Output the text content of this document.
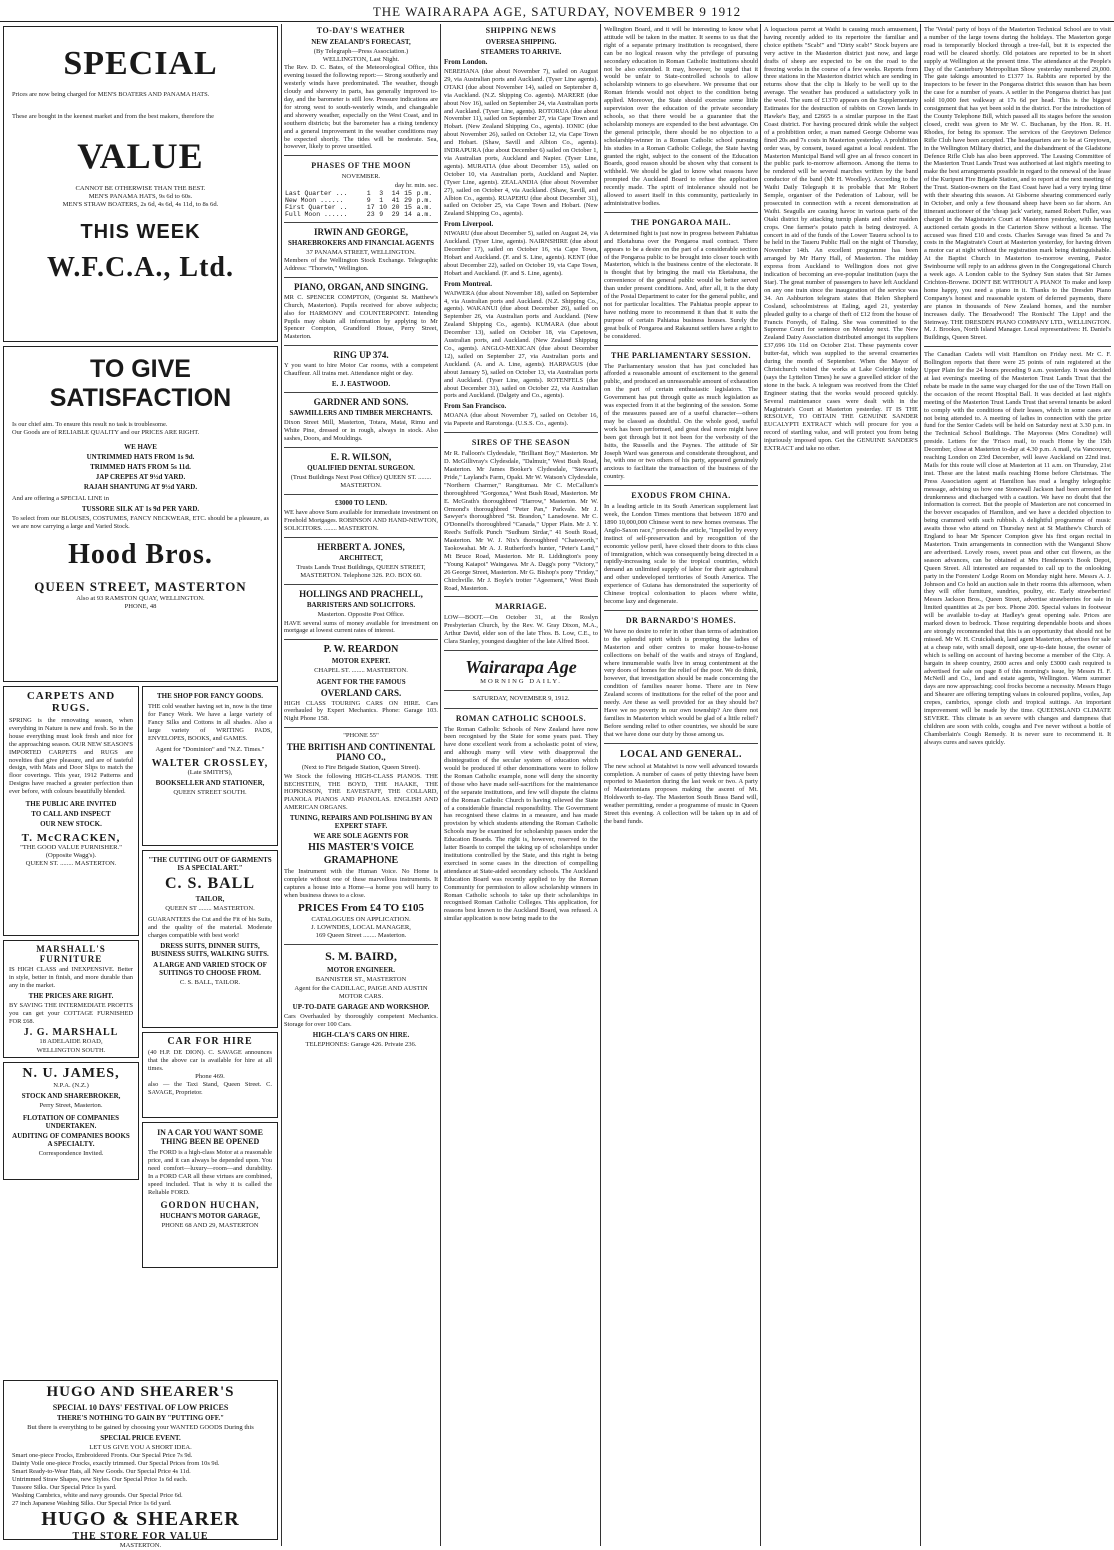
THE WAIRARAPA AGE, SATURDAY, NOVEMBER 9 1912
SPECIAL
Prices are now being charged for MEN'S BOATERS AND PANAMA HATS.
These are bought in the keenest market and from the best makers, therefore the
VALUE
CANNOT BE OTHERWISE THAN THE BEST.
MEN'S PANAMA HATS, 9s 6d to 60s.
MEN'S STRAW BOATERS, 2s 6d, 4s 6d, 4s 11d, to 8s 6d.
THIS WEEK
W.F.C.A., Ltd.
TO GIVE SATISFACTION
Is our chief aim. To ensure this result no task is troublesome.
Our Goods are of RELIABLE QUALITY and our PRICES ARE RIGHT.
WE HAVE
UNTRIMMED HATS FROM 1s 9d.
TRIMMED HATS FROM 5s 11d.
JAP CREPES AT 9½d YARD.
RAJAH SHANTUNG AT 9½d YARD.
And are offering a SPECIAL LINE in
TUSSORE SILK AT 1s 9d PER YARD.
To select from our BLOUSES, COSTUMES, FANCY NECKWEAR, ETC. should be a pleasure, as we are now carrying a large and Varied Stock.
Hood Bros.
QUEEN STREET, MASTERTON
Also at 93 RAMSTON QUAY, WELLINGTON.
PHONE, 48
CARPETS AND RUGS.
SPRING is the renovating season, when everything in Nature is new and fresh. So in the house everything must look fresh and nice for the approaching season. OUR NEW SEASON'S IMPORTED CARPETS and RUGS are novelties that give pleasure, and are of tasteful design, with Mats and Door Slips to match the floor coverings. This year, 1912 Patterns and Designs have reached a greater perfection than ever before, with colours beautifully blended.
THE PUBLIC ARE INVITED
TO CALL AND INSPECT
OUR NEW STOCK.
T. McCRACKEN,
"THE GOOD VALUE FURNISHER."
(Opposite Wagg's).
QUEEN ST. ........ MASTERTON.
MARSHALL'S FURNITURE
IS HIGH CLASS and INEXPENSIVE. Better in style, better in finish, and more durable than any in the market.
THE PRICES ARE RIGHT.
BY SAVING THE INTERMEDIATE PROFITS you can get your COTTAGE FURNISHED FOR £68.
J. G. MARSHALL
18 ADELAIDE ROAD,
WELLINGTON SOUTH.
N. U. JAMES,
N.P.A. (N.Z.)
STOCK AND SHAREBROKER,
Perry Street, Masterton.
FLOTATION OF COMPANIES UNDERTAKEN.
AUDITING OF COMPANIES BOOKS A SPECIALTY.
Correspondence Invited.
THE SHOP FOR FANCY GOODS.
THE cold weather having set in, now is the time for Fancy Work. We have a large variety of Fancy Silks and Cottons in all shades. Also a large variety of WRITING PADS, ENVELOPES, BOOKS, and GAMES.
Agent for "Dominion" and "N.Z. Times."
WALTER CROSSLEY,
(Late SMITH'S),
BOOKSELLER AND STATIONER,
QUEEN STREET SOUTH.
"THE CUTTING OUT OF GARMENTS IS A SPECIAL ART."
C. S. BALL
TAILOR,
QUEEN ST ........ MASTERTON.
GUARANTEES the Cut and the Fit of his Suits, and the quality of the material. Moderate charges compatible with best work!
DRESS SUITS, DINNER SUITS, BUSINESS SUITS, WALKING SUITS.
A LARGE AND VARIED STOCK OF SUITINGS TO CHOOSE FROM.
C. S. BALL, TAILOR.
CAR FOR HIRE
(40 H.P. DE DION). C. SAVAGE announces that the above car is available for hire at all times.
Phone 469.
also — the Taxi Stand, Queen Street. C. SAVAGE, Proprietor.
IN A CAR YOU WANT SOME THING BEEN BE OPENED
The FORD is a high-class Motor at a reasonable price, and it can always be depended upon. You need comfort—luxury—room—and durability. In a FORD CAR all these virtues are combined, speed included. That is why it is called the Reliable FORD.
GORDON HUCHAN,
HUCHAN'S MOTOR GARAGE,
PHONE 68 AND 29, MASTERTON
HUGO AND SHEARER'S
SPECIAL 10 DAYS' FESTIVAL OF LOW PRICES
THERE'S NOTHING TO GAIN BY "PUTTING OFF."
But there is everything to be gained by choosing your WANTED GOODS During this
SPECIAL PRICE EVENT.
LET US GIVE YOU A SHORT IDEA.
Smart one-piece Frocks, Embroidered Fronts. Our Special Price 7s 9d.
Dainty Voile one-piece Frocks, exactly trimmed. Our Special Prices from 10s 9d.
Smart Ready-to-Wear Hats, all New Goods. Our Special Price 4s 11d.
Untrimmed Straw Shapes, new Styles. Our Special Price 1s 6d each.
Tussore Silks. Our Special Price 1s yard.
Washing Cambrics, white and navy grounds. Our Special Price 6d.
27 inch Japanese Washing Silks. Our Special Price 1s 6d yard.
HUGO & SHEARER
THE STORE FOR VALUE
MASTERTON.
TO-DAY'S WEATHER
NEW ZEALAND'S FORECAST,
(By Telegraph—Press Association.)
WELLINGTON, Last Night.
The Rev. D. C. Bates, of the Meteorological Office, this evening issued the following report:— Strong southerly and westerly winds have predominated. The weather, though cloudy and showery in parts, has generally improved to-day, and the barometer is still low. Pressure indications are for strong west to south-westerly winds, and changeable and showery weather, especially on the West Coast, and in southern districts; but the barometer has a rising tendency and a general improvement in the weather conditions may be expected shortly. The tides will be moderate. Sea, however, likely to prove unsettled.
PHASES OF THE MOON
NOVEMBER.
day hr. min. sec.
Last Quarter ...	1	3	14	15	p.m.
New Moon ......	9	1	41	29	p.m.
First Quarter ..	17	10	20	15	a.m.
Full Moon ......	23	9	29	14	a.m.
IRWIN AND GEORGE,
SHAREBROKERS AND FINANCIAL AGENTS
37 PANAMA STREET, WELLINGTON.
Members of the Wellington Stock Exchange. Telegraphic Address: "Thorwin," Wellington.
PIANO, ORGAN, AND SINGING.
MR C. SPENCER COMPTON, (Organist St. Matthew's Church, Masterton). Pupils received for above subjects; also for HARMONY and COUNTERPOINT. Intending Pupils may obtain all information by applying to Mr Spencer Compton, Grandford House, Perry Street, Masterton.
RING UP 374.
Y you want to hire Motor Car rooms, with a competent Chauffeur. All trains met. Attendance night or day.
E. J. EASTWOOD.
GARDNER AND SONS.
SAWMILLERS AND TIMBER MERCHANTS.
Dixon Street Mill, Masterton, Totara, Matai, Rimu and White Pine, dressed or in rough, always in stock. Also sashes, Doors, and Mouldings.
E. R. WILSON,
QUALIFIED DENTAL SURGEON.
(Trust Buildings Next Post Office) QUEEN ST. ........ MASTERTON.
£3000 TO LEND.
WE have above Sum available for immediate investment on Freehold Mortgages. ROBINSON AND HAND-NEWTON, SOLICITORS. ........ MASTERTON.
HERBERT A. JONES,
ARCHITECT,
Trusts Lands Trust Buildings, QUEEN STREET, MASTERTON. Telephone 326. P.O. BOX 60.
HOLLINGS AND PRACHELL,
BARRISTERS AND SOLICITORS.
Masterton. Opposite Post Office.
HAVE several sums of money available for investment on mortgage at lowest current rates of interest.
P. W. REARDON
MOTOR EXPERT.
CHAPEL ST. ........ MASTERTON.
AGENT FOR THE FAMOUS
OVERLAND CARS.
HIGH CLASS TOURING CARS ON HIRE. Cars overhauled by Expert Mechanics. Phone: Garage 103. Night Phone 158.
"PHONE 55"
THE BRITISH AND CONTINENTAL PIANO CO.,
(Next to Fire Brigade Station, Queen Street).
We Stock the following HIGH-CLASS PIANOS. THE BECHSTEIN, THE BOYD, THE HAAKE, THE HOPKINSON, THE EAVESTAFF, THE COLLARD, PIANOLA PIANOS AND PIANOLAS. ENGLISH AND AMERICAN ORGANS.
TUNING, REPAIRS AND POLISHING BY AN EXPERT STAFF.
WE ARE SOLE AGENTS FOR
HIS MASTER'S VOICE
GRAMAPHONE
The Instrument with the Human Voice. No Home is complete without one of these marvellous instruments. It captures a house into a Home—a home you will hurry to when business draws to a close.
PRICES From £4 TO £105
CATALOGUES ON APPLICATION.
J. LOWNDES, LOCAL MANAGER,
169 Queen Street ........ Masterton.
S. M. BAIRD,
MOTOR ENGINEER.
BANNISTER ST., MASTERTON
Agent for the CADILLAC, PAIGE AND AUSTIN MOTOR CARS.
UP-TO-DATE GARAGE AND WORKSHOP.
Cars Overhauled by thoroughly competent Mechanics. Storage for over 100 Cars.
HIGH-CLA'S CARS ON HIRE.
TELEPHONES: Garage 426. Private 236.
SHIPPING NEWS
OVERSEA SHIPPING.
STEAMERS TO ARRIVE.
From London.
NEREHANA (due about November 7), sailed on August 29, via Australian ports and Auckland. (Tyser Line agents). OTAKI (due about November 14), sailed on September 8, via Auckland. (N.Z. Shipping Co. agents). MARERE (due about Nov 16), sailed on September 24, via Australian ports and Auckland. (Tyser Line, agents). ROTORUA (due about November 11), sailed on September 27, via Cape Town and Hobart. (New Zealand Shipping Co., agents). IONIC (due about November 26), sailed on October 12, via Cape Town and Hobart. (Shaw, Savill and Albion Co., agents). INDRAPURA (due about December 6) sailed on October 1, via Australian ports, Auckland and Napier. (Tyser Line, agents). MURATIA (due about December 15), sailed on October 10, via Australian ports, Auckland and Napier. (Tyser Line, agents). ZEALANDIA (due about November 27), sailed on October 4, via Auckland. (Shaw, Savill, and Albion Co., agents). RUAPEHU (due about December 31), sailed on October 25, via Cape Town and Hobart. (New Zealand Shipping Co., agents).
From Liverpool.
NIWARU (due about December 5), sailed on August 24, via Auckland. (Tyser Line, agents). NAIRNSHIRE (due about December 17), sailed on October 16, via Cape Town, Hobart and Auckland. (F. and S. Line, agents). KENT (due about December 22), sailed on October 19, via Cape Town, Hobart and Auckland. (F. and S. Line, agents).
From Montreal.
WAIWERA (due about November 18), sailed on September 4, via Australian ports and Auckland. (N.Z. Shipping Co., agents). WAKANUI (due about December 26), sailed on September 26, via Australian ports and Auckland. (New Zealand Shipping Co., agents). KUMARA (due about December 13), sailed on October 18, via Capetown, Australian ports, and Auckland. (New Zealand Shipping Co., agents). ANGLO-MEXICAN (due about December 12), sailed on September 27, via Australian ports and Auckland. (A. and A. Line, agents). HARPAGUS (due about January 5), sailed on October 13, via Australian ports and Auckland. (Tyser Line, agents). ROTENFELS (due about December 31), sailed on October 22, via Australian ports and Auckland. (Dalgety and Co., agents).
From San Francisco.
MOANA (due about November 7), sailed on October 16, via Papeete and Rarotonga. (U.S.S. Co., agents).
SIRES OF THE SEASON
Mr R. Falloon's Clydesdale, "Brilliant Boy," Masterton. Mr D. McGillivray's Clydesdale, "Dalmuir," West Bush Road, Masterton. Mr James Booker's Clydesdale, "Stewart's Pride," Layland's Farm, Opaki. Mr W. Watson's Clydesdale, "Northern Charmer," Rangitumau. Mr C. McCallum's thoroughbred "Gorgonza," West Bush Road, Masterton. Mr E. McGrath's thoroughbred "Harrow," Masterton. Mr W. Ormond's thoroughbred "Peter Pan," Parkvale. Mr J. Sawyer's thoroughbred "St. Brandon," Lansdowne. Mr C. O'Donnell's thoroughbred "Canada," Upper Plain. Mr J. Y. Reed's Suffolk Punch "Sudhum Sirdar," 41 South Road, Masterton. Mr W. J. Nix's thoroughbred "Chatsworth," Taokowahai. Mr A. J. Rutherford's hunter, "Peter's Land," Mt Bruce Road, Masterton. Mr R. Liddington's pony "Young Kaiapoi" Waingawa. Mr A. Dagg's pony "Victory," 26 George Street, Masterton. Mr G. Bishop's pony "Friday," Chirchville. Mr J. Boyle's trotter "Ageement," West Bush Road, Masterton.
MARRIAGE.
LOW—BOOT.—On October 31, at the Roslyn Presbyterian Church, by the Rev. W. Gray Dixon, M.A., Arthur David, elder son of the late Thos. B. Low, C.E., to Clara Stanley, youngest daughter of the late Alfred Boot.
Wairarapa Age
MORNING DAILY.
SATURDAY, NOVEMBER 9, 1912.
ROMAN CATHOLIC SCHOOLS.
The Roman Catholic Schools of New Zealand have now been recognised by the State for some years past. They have done excellent work from a scholastic point of view, and although many will view with disapproval the disintegration of the secular system of education which would be produced if other denominations were to follow the Roman Catholic example, none will deny the sincerity of those who have made self-sacrifices for the maintenance of the separate institutions, and few will dispute the claims of the Roman Catholic Church to having relieved the State of a considerable financial responsibility. The Government has recognised these claims in a measure, and has made provision by which students attending the Roman Catholic Schools may be examined for scholarship passes under the Education Boards. The right is, however, reserved to the latter Boards to compel the taking up of scholarships under institutions controlled by the State, and this right is being exercised in some cases in the direction of compelling attendance at State-aided secondary schools. The Auckland Education Board was recently applied to by the Roman Community for permission to allow scholarship winners in Roman Catholic schools to take up their scholarships in recognised Roman Catholic Colleges. This application, for reasons best known to the Auckland Board, was refused. A similar application is now being made to the
Wellington Board, and it will be interesting to know what attitude will be taken in the matter. It seems to us that the right of a separate primary institution is recognised, there can be no logical reason why the privilege of pursuing secondary education in Roman Catholic institutions should not be also extended. It may, however, be urged that it would be unfair to State-controlled schools to allow scholarship winners to go elsewhere. We presume that our Roman friends would not object to the condition being applied. Moreover, the State should exercise some little supervision over the education of the private secondary schools, so that there would be a guarantee that the scholarship moneys are expended to the best advantage. On the general principle, there should be no objection to a scholarship-winner in a Roman Catholic school pursuing his studies in a Roman Catholic College, the State having granted the right, subject to the consent of the Education Boards, good reason should be shown why that consent is withheld. We should be glad to know what reasons have prompted the Auckland Board to refuse the application recently made. The spirit of intolerance should not be allowed to assert itself in this community, particularly in administrative bodies.
THE PONGAROA MAIL.
A determined fight is just now in progress between Pahiatua and Eketahuna over the Pongaroa mail contract. There appears to be a desire on the part of a considerable section of the Pongaroa public to be brought into closer touch with Masterton, which is the business centre of the electorate. It is thought that by bringing the mail via Eketahuna, the convenience of the general public would be better served than under present conditions. And, after all, it is the duty of the Postal Department to cater for the general public, and not for particular localities. The Pahiatua people appear to have nothing more to recommend it than that it suits the purpose of certain Pahiatua business houses. Surely the great bulk of Pongaroa and Rakaunui settlers have a right to be considered.
THE PARLIAMENTARY SESSION.
The Parliamentary session that has just concluded has afforded a reasonable amount of excitement to the general public, and produced an unreasonable amount of exhaustion on the part of certain enthusiastic legislators. The Government has put through quite as much legislation as was expected from it at the beginning of the session. Some of the measures passed are of a useful character—others may be classed as doubtful. On the whole good, useful work has been performed, and great deal more might have been got through but it not been for the verbosity of the Isitts, the Russells and the Paynes. The attitude of Sir Joseph Ward was generous and considerate throughout, and he, with one or two others of his party, appeared genuinely anxious to facilitate the transaction of the business of the country.
EXODUS FROM CHINA.
In a leading article in its South American supplement last week, the London Times mentions that between 1870 and 1890 10,000,000 Chinese went to new homes overseas. The Anglo-Saxon race," proceeds the article, "impelled by every instinct of self-preservation and by recognition of the economic yellow peril, have closed their doors to this class of immigration, which was consequently being directed in a rapidly-increasing scale to the tropical countries, which demand an unlimited supply of labor for their agricultural and other undeveloped territories of South America. The experience of Guiana has demonstrated the superiority of Chinese tropical colonisation to places where white, become lazy and degenerate.
DR BARNARDO'S HOMES.
We have no desire to refer in other than terms of admiration to the splendid spirit which is prompting the ladies of Masterton and other centres to make house-to-house collections on behalf of the waifs and strays of England, where innumerable waifs live in smug contentment at the very doors of homes for the relief of the poor. We do think, however, that investigation should be made concerning the condition of families nearer home. There are in New Zealand scores of institutions for the relief of the poor and needy. Are these as well provided for as they should be? Have we no poverty in our own township? Are there not families in Masterton which would be glad of a little relief? Before sending relief to other countries, we should be sure that we have done our duty by those among us.
LOCAL AND GENERAL.
The new school at Matahiwi is now well advanced towards completion. A number of cases of petty thieving have been reported to Masterton during the last week or two. A party of Mastertonians proposes making the ascent of Mt. Holdsworth to-day. The Masterton South Brass Band will, weather permitting, render a programme of music in Queen Street this evening. A collection will be taken up in aid of the band funds.
A loquacious parrot at Waihi is causing much amusement, having recently added to its repertoire the familiar and choice epithets "Scab!" and "Dirty scab!" Stock buyers are very active in the Masterton district just now, and large drafts of sheep are expected to be on the road to the freezing works in the course of a few weeks. Reports from three stations in the Masterton district which are sending in returns show that the clip is likely to be well up to the average. The weather has produced a satisfactory yolk in the wool. The sum of £1370 appears on the Supplementary Estimates for the destruction of rabbits on Crown lands in Hawke's Bay, and £2665 is a similar purpose in the East Coast district. For having procured drink while the subject of a prohibition order, a man named George Osborne was fined 20s and 7s costs in Masterton yesterday. A prohibition order was, by consent, issued against a local resident. The Masterton Municipal Band will give an al fresco concert in the public park to-morrow afternoon. Among the items to be rendered will be several marches written by the band conductor of the band (Mr H. Woodley). According to the Waihi Daily Telegraph it is probable that Mr Robert Semple, organiser of the Federation of Labour, will be prosecuted in connection with a recent demonstration at Waihi. Seagulls are causing havoc in various parts of the Otaki district by attacking turnip plants and other maiden crops. One farmer's potato patch is being destroyed. A concert in aid of the funds of the Lower Taueru school is to be held in the Taueru Public Hall on the night of Thursday, November 14th. An excellent programme has been arranged by Mr Harry Hall, of Masterton. The midday express from Auckland to Wellington does not give indication of becoming an eve-popular institution (says the Star). The great number of passengers to have left Auckland on any one train since the inauguration of the service was 34. An Ashburton telegram states that Helen Shepherd Cosland, schoolmistress at Ealing, aged 21, yesterday pleaded guilty to a charge of theft of £12 from the house of Francis Forsyth, of Ealing. She was committed to the Supreme Court for sentence on Monday next. The New Zealand Dairy Association distributed amongst its suppliers £37,696 10s 11d on October 21st. These payments cover butter-fat, which was supplied to the several creameries during the month of September. When the Mayor of Christchurch visited the works at Lake Coleridge today (says the Lyttelton Times) he saw a gravelled sticker of the stone in the back. A telegram was received from the Chief Engineer stating that the works would proceed quickly. Several maintenance cases were dealt with in the Magistrate's Court at Masterton yesterday. IT IS THE RESOLVE, TO OBTAIN THE GENUINE SANDER EUCALYPTI EXTRACT which will procure for you a record of startling value, and will protect you from being injuriously imposed upon. Get the GENUINE SANDER'S EXTRACT and take no other.
The 'Vestal' party of boys of the Masterton Technical School are to visit a number of the large towns during the holidays. The Masterton gorge road is temporarily blocked through a tree-fall, but it is expected the road will be cleared shortly. Old potatoes are reported to be in short supply at Wellington at the present time. The attendance at the People's Day of the Canterbury Metropolitan Show yesterday numbered 29,000. The gate takings amounted to £1377 1s. Rabbits are reported by the inspectors to be fewer in the Pongaroa district this season than has been the case for a number of years. A settler in the Pongaroa district has just sold 10,000 feet walkway at 17s 6d per head. This is the biggest consignment that has yet been sold in the district. For the introduction of the County Telephone Bill, which passed all its stages before the session closed, credit was given to Mr W. C. Buchanan, by the Hon. R. H. Rhodes, for being its sponsor. The services of the Greytown Defence Rifle Club have been accepted. The headquarters are to be at Greytown, in the Wellington Military district, and the disbandment of the Gladstone Defence Rifle Club has also been approved. The Leasing Committee of the Masterton Trust Lands Trust was authorised at last night's meeting to make the best arrangements possible in regard to the renewal of the lease of the Kuripuni Fire Brigade Station, and to report at the next meeting of the Trust. Station-owners on the East Coast have had a very trying time with their shearing this season. At Gisborne shearing commenced early in October, and only a few thousand sheep have been so far shorn. An itinerant auctioneer of the 'cheap jack' variety, named Robert Fuller, was charged in the Magistrate's Court at Masterton yesterday, with having auctioned certain goods in the Carterton Show without a license. The accused was fined £10 and costs. Charles Savage was fined 5s and 7s costs in the Magistrate's Court at Masterton yesterday, for having driven a motor car at night without the registration mark being distinguishable. At the Baptist Church in Masterton to-morrow evening, Pastor Swinbourne will reply to an address given in the Congregational Church a week ago. A London cable to the Sydney Sun states that Sir James Crichton-Browne. DON'T BE WITHOUT A PIANO! To make and keep home happy, you need a piano in it. Thanks to the Dresden Piano Company's honest and reasonable system of deferred payments, there are pianos in thousands of New Zealand homes, and the number increases daily. The Broadwood! The Ronisch! The Lipp! and the Steinway. THE DRESDEN PIANO COMPANY LTD., WELLINGTON. M. J. Brookes, North Island Manager. Local representatives: H. Daniel's Buildings, Queen Street.
The Canadian Cadets will visit Hamilton on Friday next. Mr C. F. Bollington reports that there were 25 points of rain registered at the Upper Plain for the 24 hours preceding 9 a.m. yesterday. It was decided at last evening's meeting of the Masterton Trust Lands Trust that the rebate be made in the same way charged for the use of the Town Hall on the occasion of the recent Hospital Ball. It was decided at last night's meeting of the Masterton Trust Lands Trust that several tenants be asked to comply with the conditions of their leases, which in some cases are not being attended to. A meeting of ladies in connection with the prize fund for the Senior Cadets will be held on Saturday next at 3.30 p.m. in the Technical School Buildings. The Mayoress (Mrs Coradine) will preside. Letters for the 'Frisco mail, to reach Home by the 15th December, close at Masterton to-day at 4.30 p.m. A mail, via Vancouver, reaching London on 23rd December, will leave Auckland on 22nd inst. Mails for this route will close at Masterton at 11 a.m. on Thursday, 21st inst. These are the latest mails reaching Home before Christmas. The Press Association agent at Hamilton has read a lengthy telegraphic message, advising us how one Stonewall Jackson had been arrested for drunkenness and discharged with a caution. We have no doubt that the information is correct. But the people of Masterton are not concerned in the bovver escapades of Hamilton, and we have a decided objection to being crammed with such rubbish. A delightful programme of music awaits those who attend on Thursday next at St Matthew's Church of England to hear Mr Spencer Compton give his first organ recital in Masterton. Train arrangements in connection with the Wanganui Show are advertised. Lovely roses, sweet peas and other cut flowers, as the season advances, can be obtained at Mrs Henderson's Book Depot, Queen Street. All interested are requested to call up to the onlooking party in the Foresters' Lodge Room on Monday night here. Messrs A. J. Johnson and Co hold an auction sale in their rooms this afternoon, when they will offer furniture, sundries, poultry, etc. Early strawberries! Messrs Jackson Bros., Queen Street, advertise strawberries for sale in limited quantities at 2s per box. Phone 200. Special values in footwear will be available to-day at Hadley's great opening sale. Prices are marked down to bedrock. Those requiring dependable boots and shoes are strongly recommended that this is an opportunity that should not be missed. Mr W. H. Cruickshank, land agent Masterton, advertises for sale at a cheap rate, with small deposit, one up-to-date house, the owner of which is selling on account of having become a member of the City. A bargain in sheep country, 2600 acres and only £3000 cash required is advertised for sale on page 8 of this morning's issue, by Messrs H. F. McNeill and Co., land and estate agents, Wellington. Warm summer days are now approaching; cool frocks become a necessity. Messrs Hugo and Shearer are offering tempting values in coloured poplins, voiles, Jap crepes, cambrics, sponge cloth and tropical suitings. An important improvement will be made by the time. QUEENSLAND CLIMATE SEVERE. This climate is an severe with changes and dampness that children are soon with colds, coughs and I've never without a bottle of Chamberlain's Cough Remedy. It is never sure to recommend it. It always cures and saves quickly.
